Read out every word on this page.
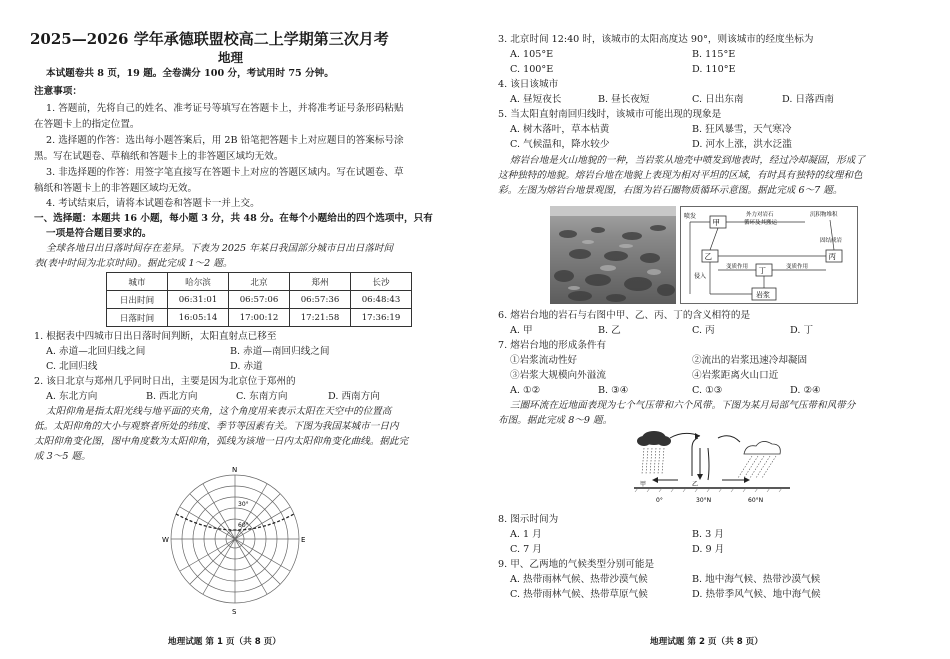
2025—2026 学年承德联盟校高二上学期第三次月考
地理
本试题卷共 8 页，19 题。全卷满分 100 分，考试用时 75 分钟。
注意事项：
1. 答题前，先将自己的姓名、准考证号等填写在答题卡上，并将准考证号条形码粘贴
在答题卡上的指定位置。
2. 选择题的作答：选出每小题答案后，用 2B 铅笔把答题卡上对应题目的答案标号涂
黑。写在试题卷、草稿纸和答题卡上的非答题区域均无效。
3. 非选择题的作答：用签字笔直接写在答题卡上对应的答题区域内。写在试题卷、草
稿纸和答题卡上的非答题区域均无效。
4. 考试结束后，请将本试题卷和答题卡一并上交。
一、选择题：本题共 16 小题，每小题 3 分，共 48 分。在每个小题给出的四个选项中，只有
一项是符合题目要求的。
全球各地日出日落时间存在差异。下表为 2025 年某日我国部分城市日出日落时间
表(表中时间为北京时间)。据此完成 1～2 题。
城市	哈尔滨	北京	郑州	长沙
日出时间	06:31:01	06:57:06	06:57:36	06:48:43
日落时间	16:05:14	17:00:12	17:21:58	17:36:19
1. 根据表中四城市日出日落时间判断，太阳直射点已移至
A. 赤道—北回归线之间	B. 赤道—南回归线之间
C. 北回归线	D. 赤道
2. 该日北京与郑州几乎同时日出，主要是因为北京位于郑州的
A. 东北方向	B. 西北方向	C. 东南方向	D. 西南方向
太阳仰角是指太阳光线与地平面的夹角，这个角度用来表示太阳在天空中的位置高
低。太阳仰角的大小与观察者所处的纬度、季节等因素有关。下图为我国某城市一日内
太阳仰角变化图，图中角度数为太阳仰角，弧线为该地一日内太阳仰角变化曲线。据此完
成 3～5 题。
N
S
E
W
30°
60°
地理试题 第 1 页（共 8 页）
3. 北京时间 12:40 时，该城市的太阳高度达 90°，则该城市的经度坐标为
A. 105°E	B. 115°E
C. 100°E	D. 110°E
4. 该日该城市
A. 昼短夜长	B. 昼长夜短	C. 日出东南	D. 日落西南
5. 当太阳直射南回归线时，该城市可能出现的现象是
A. 树木落叶，草本枯黄	B. 狂风暴雪，天气寒冷
C. 气候温和，降水较少	D. 河水上涨，洪水泛滥
熔岩台地是火山地貌的一种，当岩浆从地壳中喷发到地表时，经过冷却凝固，形成了
这种独特的地貌。熔岩台地在地貌上表现为相对平坦的区域，有时具有独特的纹理和色
彩。左图为熔岩台地景观图，右图为岩石圈物质循环示意图。据此完成 6～7 题。
甲
乙	丙
丁
岩浆
喷发
侵入
外力对岩石
循环及其搬运
沉积物堆积
固结成岩
变质作用	变质作用
6. 熔岩台地的岩石与右图中甲、乙、丙、丁的含义相符的是
A. 甲	B. 乙	C. 丙	D. 丁
7. 熔岩台地的形成条件有
①岩浆流动性好	②流出的岩浆迅速冷却凝固
③岩浆大规模向外溢流	④岩浆距离火山口近
A. ①②	B. ③④	C. ①③	D. ②④
三圈环流在近地面表现为七个气压带和六个风带。下图为某月局部气压带和风带分
布图。据此完成 8～9 题。
甲	乙
0°	30°N	60°N
8. 图示时间为
A. 1 月	B. 3 月
C. 7 月	D. 9 月
9. 甲、乙两地的气候类型分别可能是
A. 热带雨林气候、热带沙漠气候	B. 地中海气候、热带沙漠气候
C. 热带雨林气候、热带草原气候	D. 热带季风气候、地中海气候
地理试题 第 2 页（共 8 页）
